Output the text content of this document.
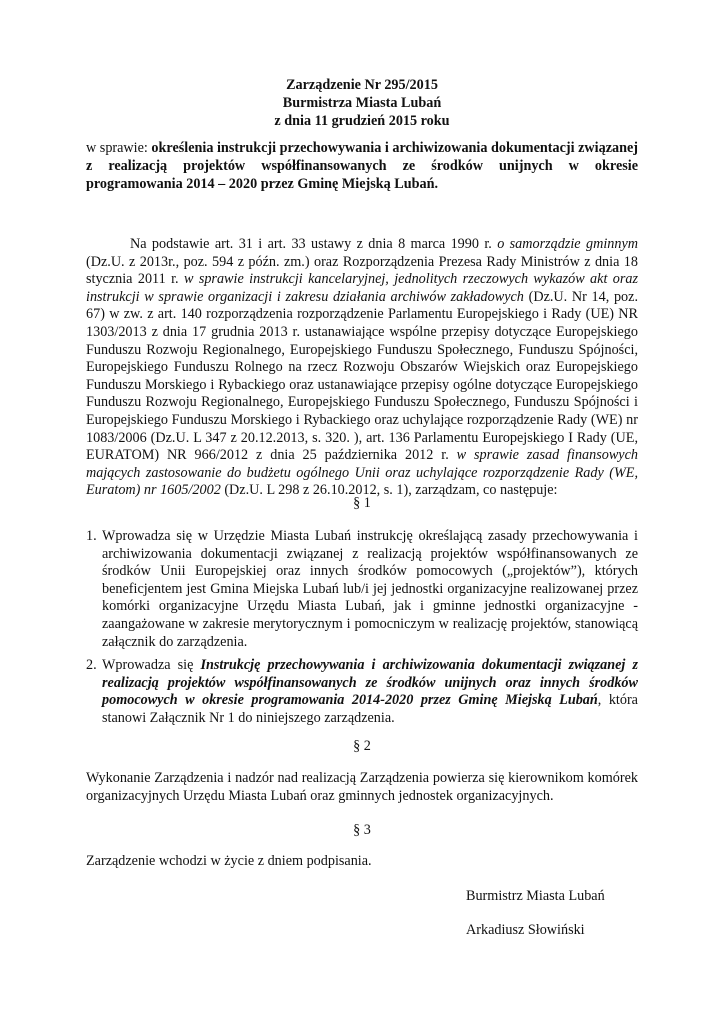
Zarządzenie Nr 295/2015
Burmistrza Miasta Lubań
z dnia 11 grudzień 2015 roku
w sprawie: określenia instrukcji przechowywania i archiwizowania dokumentacji związanej z realizacją projektów współfinansowanych ze środków unijnych w okresie programowania 2014 – 2020 przez Gminę Miejską Lubań.
Na podstawie art. 31 i art. 33 ustawy z dnia 8 marca 1990 r. o samorządzie gminnym (Dz.U. z 2013r., poz. 594 z późn. zm.) oraz Rozporządzenia Prezesa Rady Ministrów z dnia 18 stycznia 2011 r. w sprawie instrukcji kancelaryjnej, jednolitych rzeczowych wykazów akt oraz instrukcji w sprawie organizacji i zakresu działania archiwów zakładowych (Dz.U. Nr 14, poz. 67) w zw. z art. 140 rozporządzenia rozporządzenie Parlamentu Europejskiego i Rady (UE) NR 1303/2013 z dnia 17 grudnia 2013 r. ustanawiające wspólne przepisy dotyczące Europejskiego Funduszu Rozwoju Regionalnego, Europejskiego Funduszu Społecznego, Funduszu Spójności, Europejskiego Funduszu Rolnego na rzecz Rozwoju Obszarów Wiejskich oraz Europejskiego Funduszu Morskiego i Rybackiego oraz ustanawiające przepisy ogólne dotyczące Europejskiego Funduszu Rozwoju Regionalnego, Europejskiego Funduszu Społecznego, Funduszu Spójności i Europejskiego Funduszu Morskiego i Rybackiego oraz uchylające rozporządzenie Rady (WE) nr 1083/2006 (Dz.U. L 347 z 20.12.2013, s. 320. ), art. 136 Parlamentu Europejskiego I Rady (UE, EURATOM) NR 966/2012 z dnia 25 października 2012 r. w sprawie zasad finansowych mających zastosowanie do budżetu ogólnego Unii oraz uchylające rozporządzenie Rady (WE, Euratom) nr 1605/2002 (Dz.U. L 298 z 26.10.2012, s. 1), zarządzam, co następuje:
§ 1
1. Wprowadza się w Urzędzie Miasta Lubań instrukcję określającą zasady przechowywania i archiwizowania dokumentacji związanej z realizacją projektów współfinansowanych ze środków Unii Europejskiej oraz innych środków pomocowych („projektów”), których beneficjentem jest Gmina Miejska Lubań lub/i jej jednostki organizacyjne realizowanej przez komórki organizacyjne Urzędu Miasta Lubań, jak i gminne jednostki organizacyjne - zaangażowane w zakresie merytorycznym i pomocniczym w realizację projektów, stanowiącą załącznik do zarządzenia.
2. Wprowadza się Instrukcję przechowywania i archiwizowania dokumentacji związanej z realizacją projektów współfinansowanych ze środków unijnych oraz innych środków pomocowych w okresie programowania 2014-2020 przez Gminę Miejską Lubań, która stanowi Załącznik Nr 1 do niniejszego zarządzenia.
§ 2
Wykonanie Zarządzenia i nadzór nad realizacją Zarządzenia powierza się kierownikom komórek organizacyjnych Urzędu Miasta Lubań oraz gminnych jednostek organizacyjnych.
§ 3
Zarządzenie wchodzi w życie z dniem podpisania.
Burmistrz Miasta Lubań
Arkadiusz Słowiński
